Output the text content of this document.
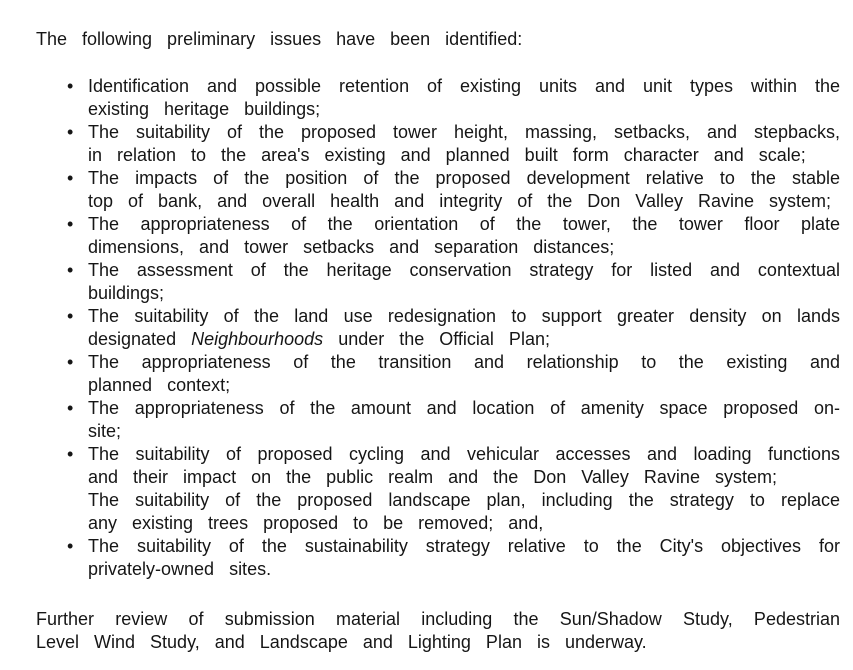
The following preliminary issues have been identified:

• Identification and possible retention of existing units and unit types within the existing heritage buildings;
• The suitability of the proposed tower height, massing, setbacks, and stepbacks, in relation to the area's existing and planned built form character and scale;
• The impacts of the position of the proposed development relative to the stable top of bank, and overall health and integrity of the Don Valley Ravine system;
• The appropriateness of the orientation of the tower, the tower floor plate dimensions, and tower setbacks and separation distances;
• The assessment of the heritage conservation strategy for listed and contextual buildings;
• The suitability of the land use redesignation to support greater density on lands designated Neighbourhoods under the Official Plan;
• The appropriateness of the transition and relationship to the existing and planned context;
• The appropriateness of the amount and location of amenity space proposed on-site;
• The suitability of proposed cycling and vehicular accesses and loading functions and their impact on the public realm and the Don Valley Ravine system;
The suitability of the proposed landscape plan, including the strategy to replace any existing trees proposed to be removed; and,
• The suitability of the sustainability strategy relative to the City's objectives for privately-owned sites.

Further review of submission material including the Sun/Shadow Study, Pedestrian Level Wind Study, and Landscape and Lighting Plan is underway.
